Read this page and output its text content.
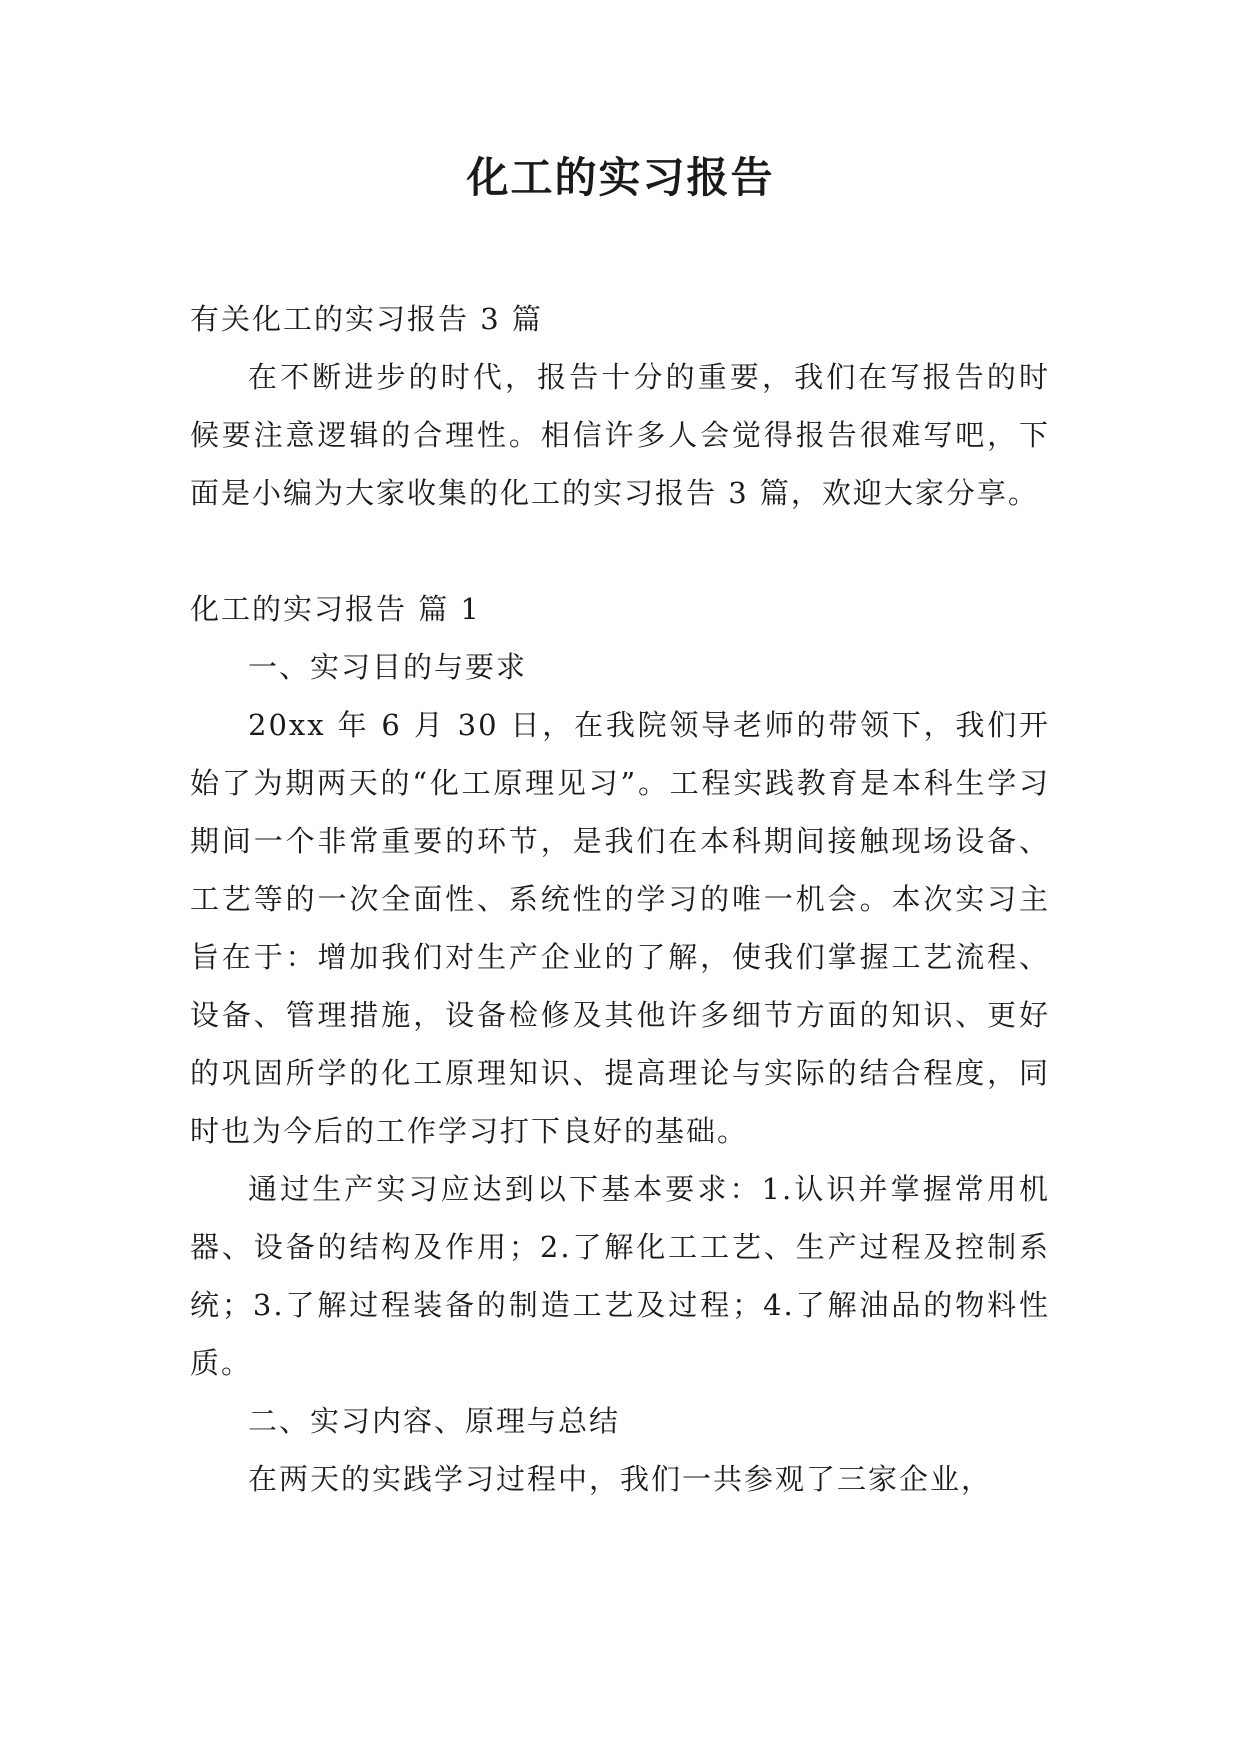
化工的实习报告

有关化工的实习报告 3 篇

在不断进步的时代，报告十分的重要，我们在写报告的时候要注意逻辑的合理性。相信许多人会觉得报告很难写吧，下面是小编为大家收集的化工的实习报告 3 篇，欢迎大家分享。

化工的实习报告 篇 1

一、实习目的与要求

20xx 年 6 月 30 日，在我院领导老师的带领下，我们开始了为期两天的“化工原理见习”。工程实践教育是本科生学习期间一个非常重要的环节，是我们在本科期间接触现场设备、工艺等的一次全面性、系统性的学习的唯一机会。本次实习主旨在于：增加我们对生产企业的了解，使我们掌握工艺流程、设备、管理措施，设备检修及其他许多细节方面的知识、更好的巩固所学的化工原理知识、提高理论与实际的结合程度，同时也为今后的工作学习打下良好的基础。

通过生产实习应达到以下基本要求：1.认识并掌握常用机器、设备的结构及作用；2.了解化工工艺、生产过程及控制系统；3.了解过程装备的制造工艺及过程；4.了解油品的物料性质。

二、实习内容、原理与总结

在两天的实践学习过程中，我们一共参观了三家企业，
